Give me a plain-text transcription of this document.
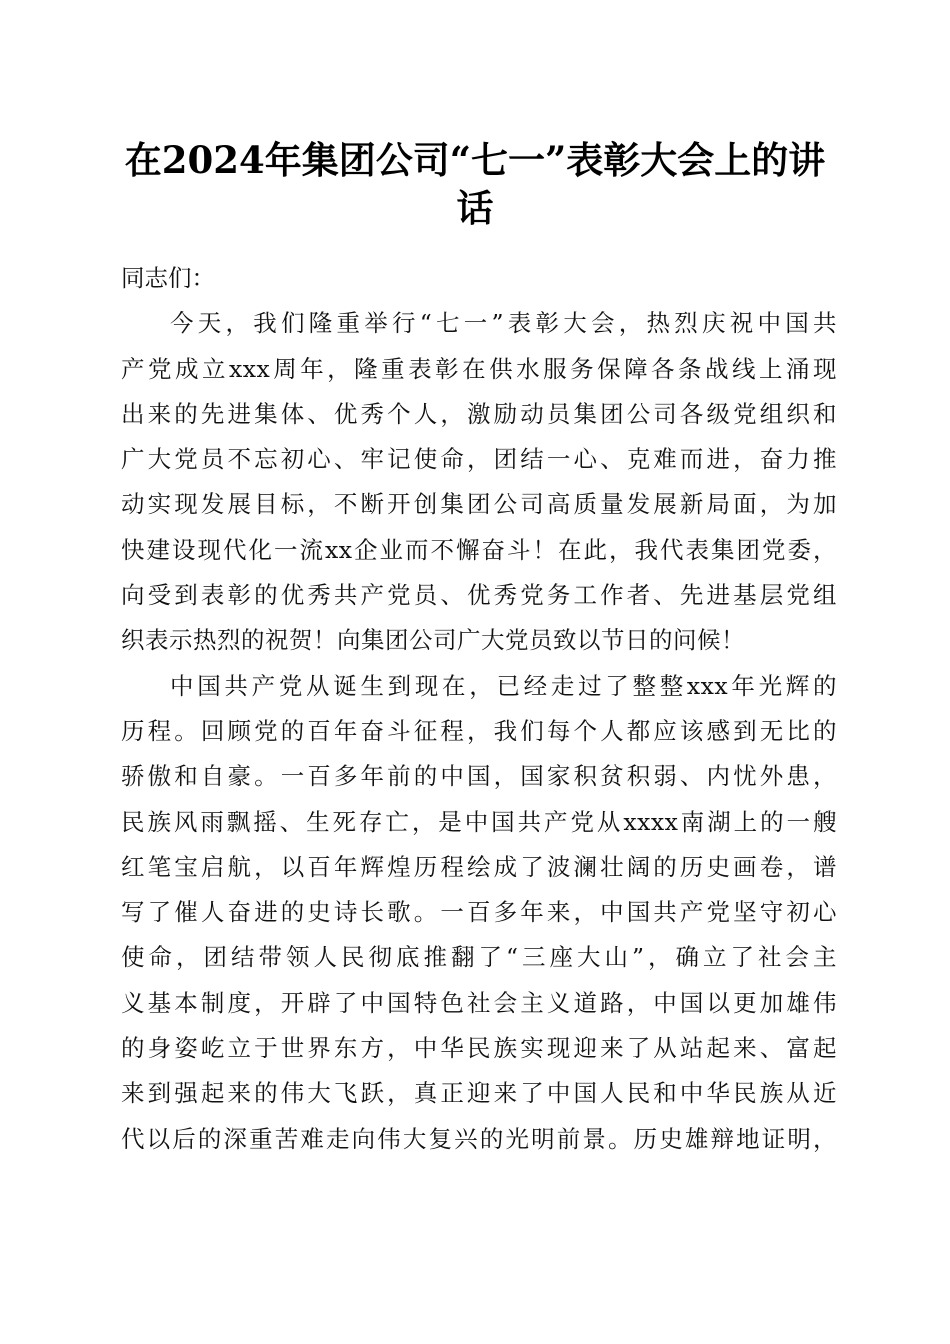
在2024年集团公司“七一”表彰大会上的讲
话
同志们：
今天，我们隆重举行“七一”表彰大会，热烈庆祝中国共
产党成立xxx周年，隆重表彰在供水服务保障各条战线上涌现
出来的先进集体、优秀个人，激励动员集团公司各级党组织和
广大党员不忘初心、牢记使命，团结一心、克难而进，奋力推
动实现发展目标，不断开创集团公司高质量发展新局面，为加
快建设现代化一流xx企业而不懈奋斗！在此，我代表集团党委，
向受到表彰的优秀共产党员、优秀党务工作者、先进基层党组
织表示热烈的祝贺！向集团公司广大党员致以节日的问候！
中国共产党从诞生到现在，已经走过了整整xxx年光辉的
历程。回顾党的百年奋斗征程，我们每个人都应该感到无比的
骄傲和自豪。一百多年前的中国，国家积贫积弱、内忧外患，
民族风雨飘摇、生死存亡，是中国共产党从xxxx南湖上的一艘
红笔宝启航，以百年辉煌历程绘成了波澜壮阔的历史画卷，谱
写了催人奋进的史诗长歌。一百多年来，中国共产党坚守初心
使命，团结带领人民彻底推翻了“三座大山”，确立了社会主
义基本制度，开辟了中国特色社会主义道路，中国以更加雄伟
的身姿屹立于世界东方，中华民族实现迎来了从站起来、富起
来到强起来的伟大飞跃，真正迎来了中国人民和中华民族从近
代以后的深重苦难走向伟大复兴的光明前景。历史雄辩地证明，
